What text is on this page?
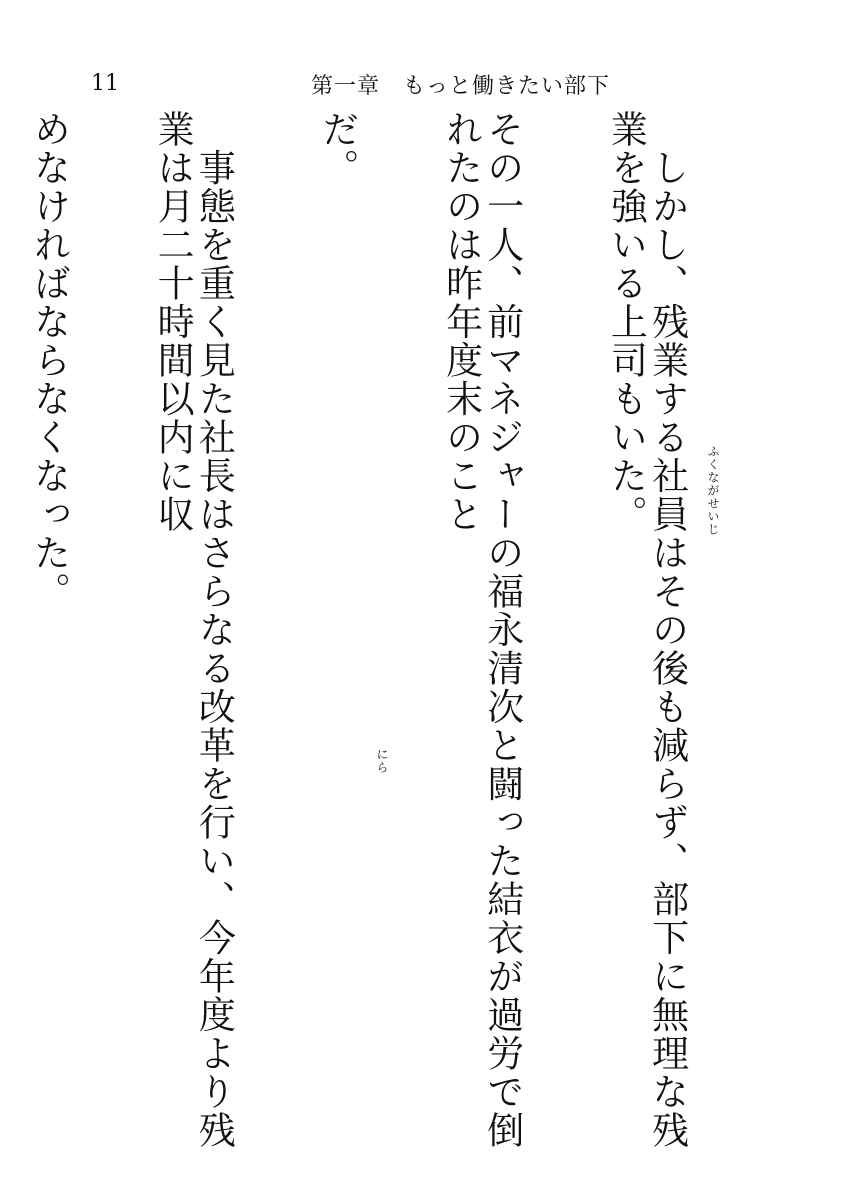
11	第一章　もっと働きたい部下

　しかし、残業する社員はその後も減らず、部下に無理な残業を強いる上司もいた。

その一人、前マネジャーの福永清次と闘った結衣が過労で倒れたのは昨年度末のこと

だ。

　事態を重く見た社長はさらなる改革を行い、今年度より残業は月二十時間以内に収

めなければならなくなった。

	ふくながせいじ
にら
